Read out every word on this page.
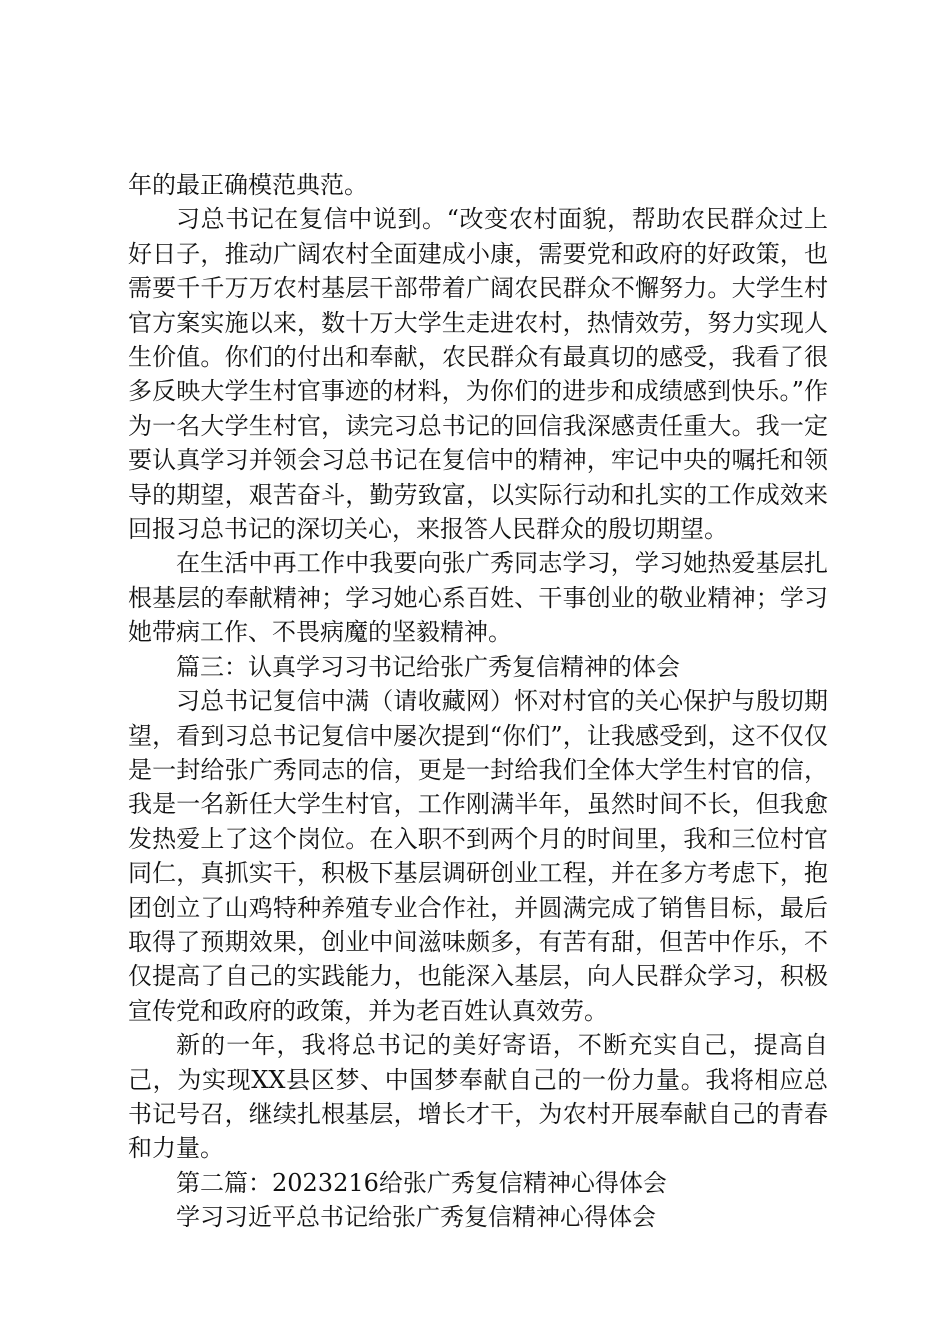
年的最正确模范典范。

习总书记在复信中说到。“改变农村面貌，帮助农民群众过上好日子，推动广阔农村全面建成小康，需要党和政府的好政策，也需要千千万万农村基层干部带着广阔农民群众不懈努力。大学生村官方案实施以来，数十万大学生走进农村，热情效劳，努力实现人生价值。你们的付出和奉献，农民群众有最真切的感受，我看了很多反映大学生村官事迹的材料，为你们的进步和成绩感到快乐。”作为一名大学生村官，读完习总书记的回信我深感责任重大。我一定要认真学习并领会习总书记在复信中的精神，牢记中央的嘱托和领导的期望，艰苦奋斗，勤劳致富，以实际行动和扎实的工作成效来回报习总书记的深切关心，来报答人民群众的殷切期望。

在生活中再工作中我要向张广秀同志学习，学习她热爱基层扎根基层的奉献精神；学习她心系百姓、干事创业的敬业精神；学习她带病工作、不畏病魔的坚毅精神。

篇三：认真学习习书记给张广秀复信精神的体会

习总书记复信中满（请收藏网）怀对村官的关心保护与殷切期望，看到习总书记复信中屡次提到“你们”，让我感受到，这不仅仅是一封给张广秀同志的信，更是一封给我们全体大学生村官的信，我是一名新任大学生村官，工作刚满半年，虽然时间不长，但我愈发热爱上了这个岗位。在入职不到两个月的时间里，我和三位村官同仁，真抓实干，积极下基层调研创业工程，并在多方考虑下，抱团创立了山鸡特种养殖专业合作社，并圆满完成了销售目标，最后取得了预期效果，创业中间滋味颇多，有苦有甜，但苦中作乐，不仅提高了自己的实践能力，也能深入基层，向人民群众学习，积极宣传党和政府的政策，并为老百姓认真效劳。

新的一年，我将总书记的美好寄语，不断充实自己，提高自己，为实现XX县区梦、中国梦奉献自己的一份力量。我将相应总书记号召，继续扎根基层，增长才干，为农村开展奉献自己的青春和力量。

第二篇：2023216给张广秀复信精神心得体会

学习习近平总书记给张广秀复信精神心得体会
